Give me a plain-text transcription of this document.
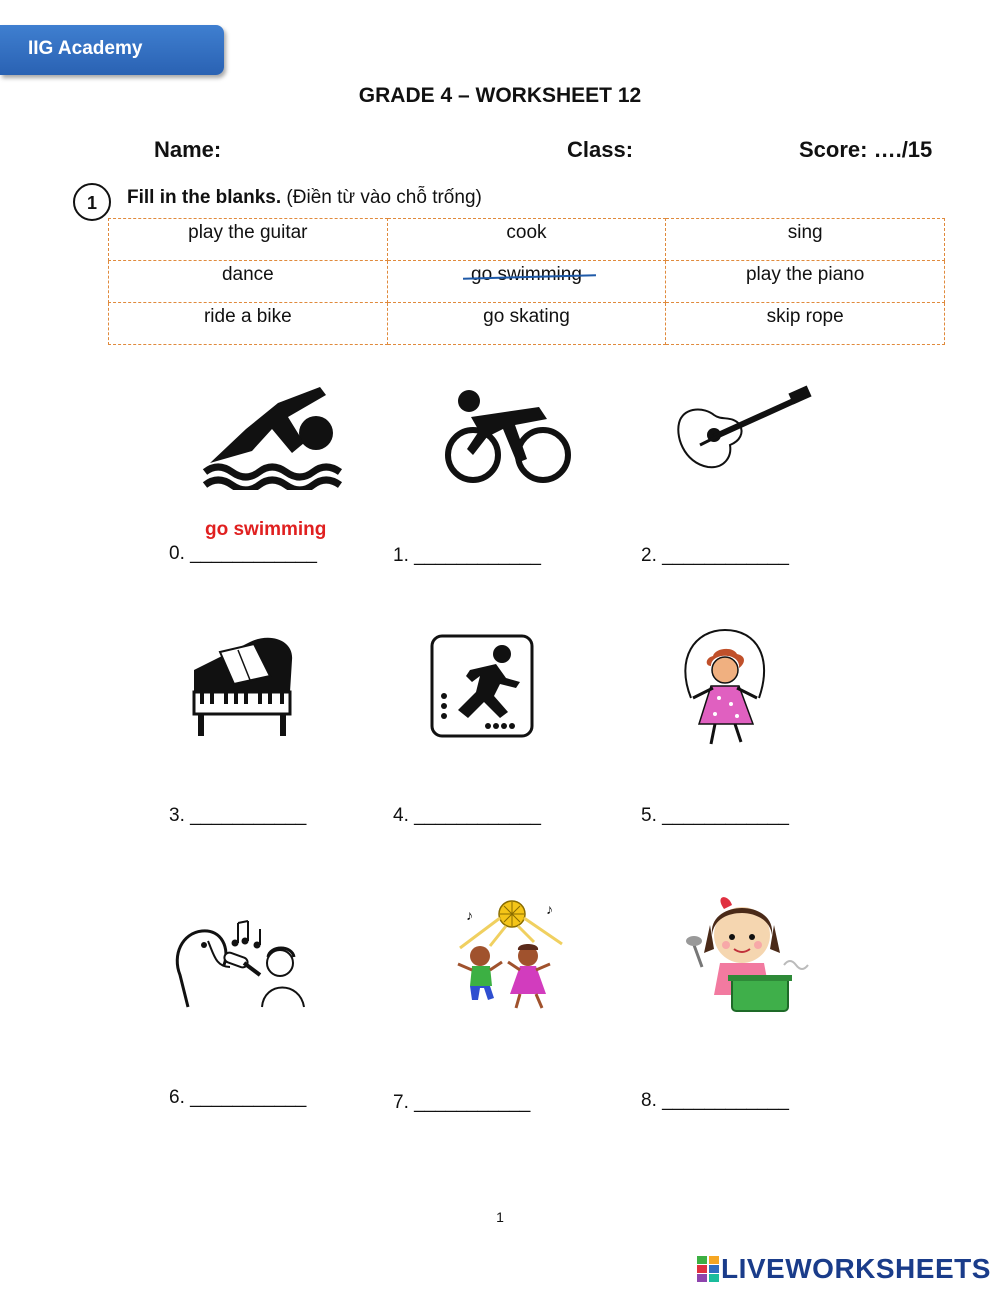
IIG Academy
GRADE 4 – WORKSHEET 12
Name:	Class:	Score: …./15
1	Fill in the blanks. (Điền từ vào chỗ trống)
play the guitar	cook	sing
dance	go swimming	play the piano
ride a bike	go skating	skip rope
go swimming
0. ____________	1. ____________	2. ____________
3. ___________	4. ____________	5. ____________
♪	♪
6. ___________	7. ___________	8. ____________
1
LIVEWORKSHEETS
